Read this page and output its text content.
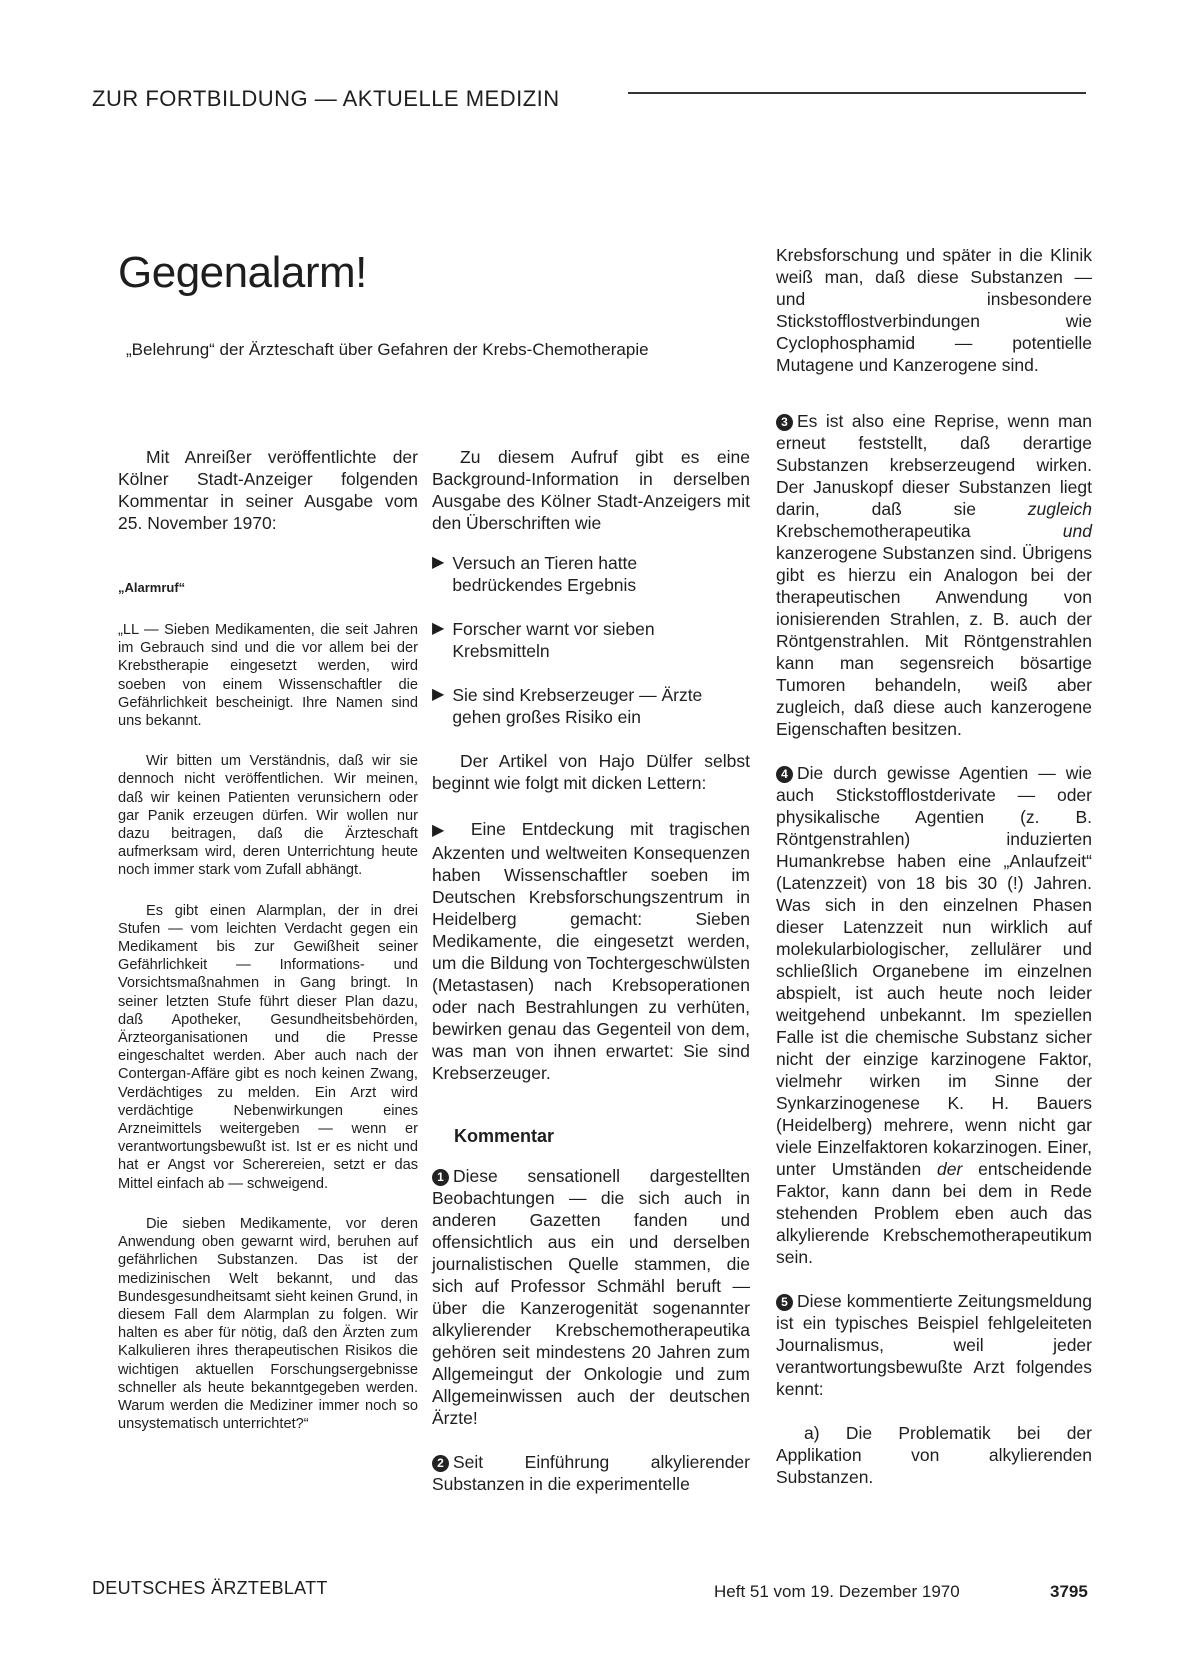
ZUR FORTBILDUNG — AKTUELLE MEDIZIN
Gegenalarm!
„Belehrung“ der Ärzteschaft über Gefahren der Krebs-Chemotherapie

Mit Anreißer veröffentlichte der Kölner Stadt-Anzeiger folgenden Kommentar in seiner Ausgabe vom 25. November 1970:

„Alarmruf“

„LL — Sieben Medikamenten, die seit Jahren im Gebrauch sind und die vor allem bei der Krebstherapie eingesetzt werden, wird soeben von einem Wissenschaftler die Gefährlichkeit bescheinigt. Ihre Namen sind uns bekannt.

Wir bitten um Verständnis, daß wir sie dennoch nicht veröffentlichen. Wir meinen, daß wir keinen Patienten verunsichern oder gar Panik erzeugen dürfen. Wir wollen nur dazu beitragen, daß die Ärzteschaft aufmerksam wird, deren Unterrichtung heute noch immer stark vom Zufall abhängt.

Es gibt einen Alarmplan, der in drei Stufen — vom leichten Verdacht gegen ein Medikament bis zur Gewißheit seiner Gefährlichkeit — Informations- und Vorsichtsmaßnahmen in Gang bringt. In seiner letzten Stufe führt dieser Plan dazu, daß Apotheker, Gesundheitsbehörden, Ärzteorganisationen und die Presse eingeschaltet werden. Aber auch nach der Contergan-Affäre gibt es noch keinen Zwang, Verdächtiges zu melden. Ein Arzt wird verdächtige Nebenwirkungen eines Arzneimittels weitergeben — wenn er verantwortungsbewußt ist. Ist er es nicht und hat er Angst vor Scherereien, setzt er das Mittel einfach ab — schweigend.

Die sieben Medikamente, vor deren Anwendung oben gewarnt wird, beruhen auf gefährlichen Substanzen. Das ist der medizinischen Welt bekannt, und das Bundesgesundheitsamt sieht keinen Grund, in diesem Fall dem Alarmplan zu folgen. Wir halten es aber für nötig, daß den Ärzten zum Kalkulieren ihres therapeutischen Risikos die wichtigen aktuellen Forschungsergebnisse schneller als heute bekanntgegeben werden. Warum werden die Mediziner immer noch so unsystematisch unterrichtet?“

Zu diesem Aufruf gibt es eine Background-Information in derselben Ausgabe des Kölner Stadt-Anzeigers mit den Überschriften wie

▶ Versuch an Tieren hatte bedrückendes Ergebnis
▶ Forscher warnt vor sieben Krebsmitteln
▶ Sie sind Krebserzeuger — Ärzte gehen großes Risiko ein

Der Artikel von Hajo Dülfer selbst beginnt wie folgt mit dicken Lettern:

▶ Eine Entdeckung mit tragischen Akzenten und weltweiten Konsequenzen haben Wissenschaftler soeben im Deutschen Krebsforschungszentrum in Heidelberg gemacht: Sieben Medikamente, die eingesetzt werden, um die Bildung von Tochtergeschwülsten (Metastasen) nach Krebsoperationen oder nach Bestrahlungen zu verhüten, bewirken genau das Gegenteil von dem, was man von ihnen erwartet: Sie sind Krebserzeuger.

Kommentar

1 Diese sensationell dargestellten Beobachtungen — die sich auch in anderen Gazetten fanden und offensichtlich aus ein und derselben journalistischen Quelle stammen, die sich auf Professor Schmähl beruft — über die Kanzerogenität sogenannter alkylierender Krebschemotherapeutika gehören seit mindestens 20 Jahren zum Allgemeingut der Onkologie und zum Allgemeinwissen auch der deutschen Ärzte!

2 Seit Einführung alkylierender Substanzen in die experimentelle

Krebsforschung und später in die Klinik weiß man, daß diese Substanzen — und insbesondere Stickstofflostverbindungen wie Cyclophosphamid — potentielle Mutagene und Kanzerogene sind.

3 Es ist also eine Reprise, wenn man erneut feststellt, daß derartige Substanzen krebserzeugend wirken. Der Januskopf dieser Substanzen liegt darin, daß sie zugleich Krebschemotherapeutika und kanzerogene Substanzen sind. Übrigens gibt es hierzu ein Analogon bei der therapeutischen Anwendung von ionisierenden Strahlen, z. B. auch der Röntgenstrahlen. Mit Röntgenstrahlen kann man segensreich bösartige Tumoren behandeln, weiß aber zugleich, daß diese auch kanzerogene Eigenschaften besitzen.

4 Die durch gewisse Agentien — wie auch Stickstofflostderivate — oder physikalische Agentien (z. B. Röntgenstrahlen) induzierten Humankrebse haben eine „Anlaufzeit“ (Latenzzeit) von 18 bis 30 (!) Jahren. Was sich in den einzelnen Phasen dieser Latenzzeit nun wirklich auf molekularbiologischer, zellulärer und schließlich Organebene im einzelnen abspielt, ist auch heute noch leider weitgehend unbekannt. Im speziellen Falle ist die chemische Substanz sicher nicht der einzige karzinogene Faktor, vielmehr wirken im Sinne der Synkarzinogenese K. H. Bauers (Heidelberg) mehrere, wenn nicht gar viele Einzelfaktoren kokarzinogen. Einer, unter Umständen der entscheidende Faktor, kann dann bei dem in Rede stehenden Problem eben auch das alkylierende Krebschemotherapeutikum sein.

5 Diese kommentierte Zeitungsmeldung ist ein typisches Beispiel fehlgeleiteten Journalismus, weil jeder verantwortungsbewußte Arzt folgendes kennt:

a) Die Problematik bei der Applikation von alkylierenden Substanzen.

DEUTSCHES ÄRZTEBLATT	Heft 51 vom 19. Dezember 1970	3795
